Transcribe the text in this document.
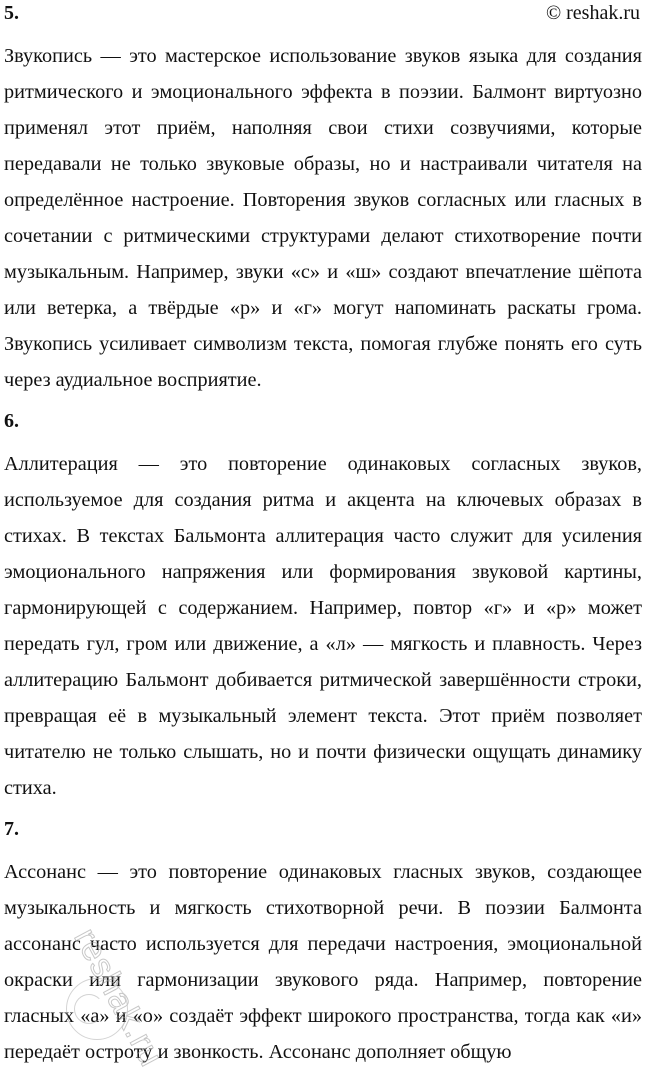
5.	© reshak.ru

Звукопись — это мастерское использование звуков языка для создания ритмического и эмоционального эффекта в поэзии. Балмонт виртуозно применял этот приём, наполняя свои стихи созвучиями, которые передавали не только звуковые образы, но и настраивали читателя на определённое настроение. Повторения звуков согласных или гласных в сочетании с ритмическими структурами делают стихотворение почти музыкальным. Например, звуки «с» и «ш» создают впечатление шёпота или ветерка, а твёрдые «р» и «г» могут напоминать раскаты грома. Звукопись усиливает символизм текста, помогая глубже понять его суть через аудиальное восприятие.

6.

Аллитерация — это повторение одинаковых согласных звуков, используемое для создания ритма и акцента на ключевых образах в стихах. В текстах Бальмонта аллитерация часто служит для усиления эмоционального напряжения или формирования звуковой картины, гармонирующей с содержанием. Например, повтор «г» и «р» может передать гул, гром или движение, а «л» — мягкость и плавность. Через аллитерацию Бальмонт добивается ритмической завершённости строки, превращая её в музыкальный элемент текста. Этот приём позволяет читателю не только слышать, но и почти физически ощущать динамику стиха.

7.

Ассонанс — это повторение одинаковых гласных звуков, создающее музыкальность и мягкость стихотворной речи. В поэзии Балмонта ассонанс часто используется для передачи настроения, эмоциональной окраски или гармонизации звукового ряда. Например, повторение гласных «а» и «о» создаёт эффект широкого пространства, тогда как «и» передаёт остроту и звонкость. Ассонанс дополняет общую

reshak.ru
